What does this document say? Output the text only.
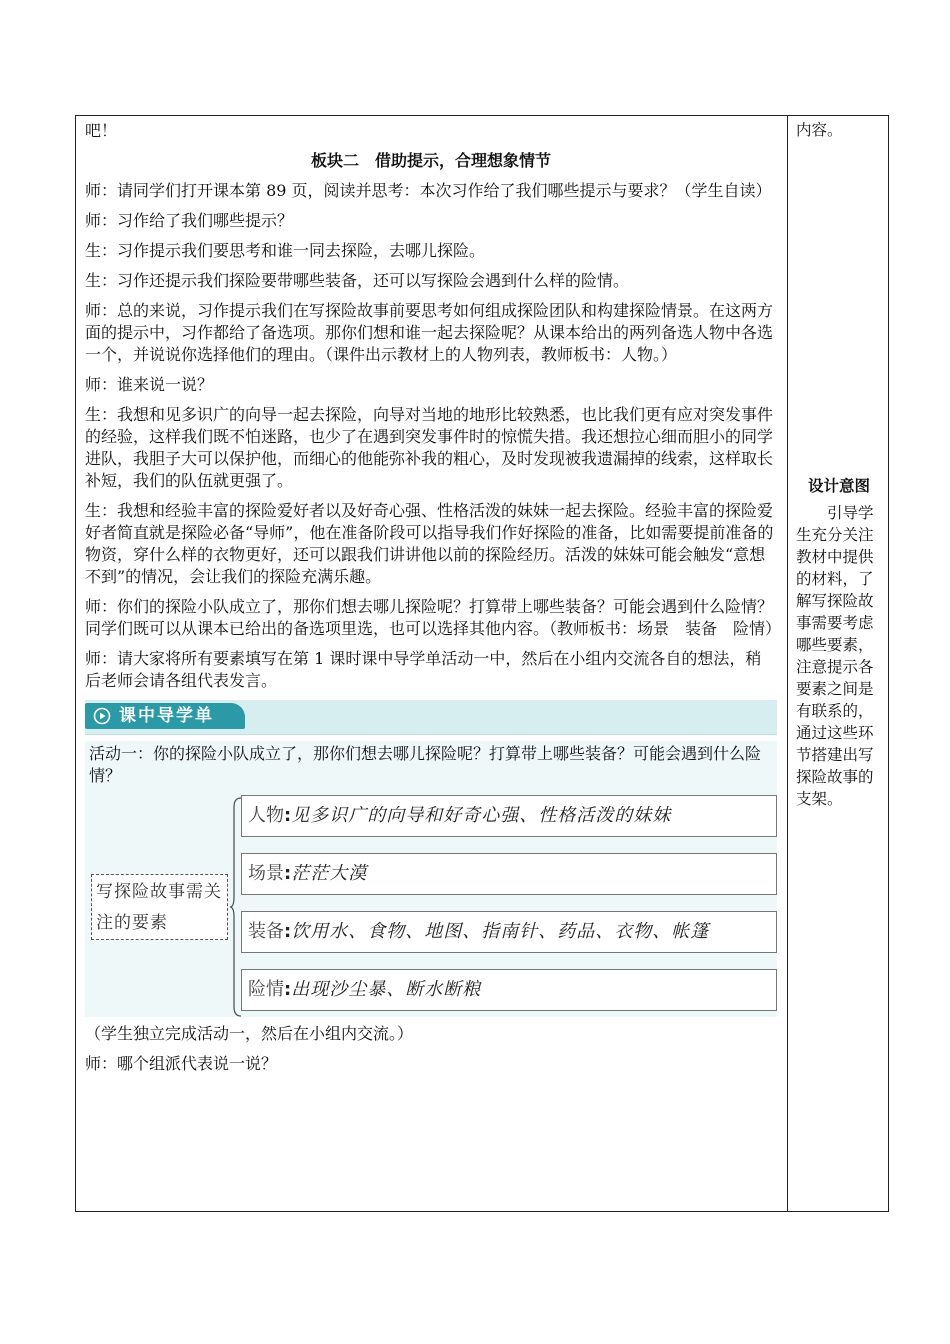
吧！
板块二　借助提示，合理想象情节
师：请同学们打开课本第 89 页，阅读并思考：本次习作给了我们哪些提示与要求？（学生自读）
师：习作给了我们哪些提示？
生：习作提示我们要思考和谁一同去探险，去哪儿探险。
生：习作还提示我们探险要带哪些装备，还可以写探险会遇到什么样的险情。
师：总的来说，习作提示我们在写探险故事前要思考如何组成探险团队和构建探险情景。在这两方面的提示中，习作都给了备选项。那你们想和谁一起去探险呢？从课本给出的两列备选人物中各选一个，并说说你选择他们的理由。（课件出示教材上的人物列表，教师板书：人物。）
师：谁来说一说？
生：我想和见多识广的向导一起去探险，向导对当地的地形比较熟悉，也比我们更有应对突发事件的经验，这样我们既不怕迷路，也少了在遇到突发事件时的惊慌失措。我还想拉心细而胆小的同学进队，我胆子大可以保护他，而细心的他能弥补我的粗心，及时发现被我遗漏掉的线索，这样取长补短，我们的队伍就更强了。
生：我想和经验丰富的探险爱好者以及好奇心强、性格活泼的妹妹一起去探险。经验丰富的探险爱好者简直就是探险必备“导师”，他在准备阶段可以指导我们作好探险的准备，比如需要提前准备的物资，穿什么样的衣物更好，还可以跟我们讲讲他以前的探险经历。活泼的妹妹可能会触发“意想不到”的情况，会让我们的探险充满乐趣。
师：你们的探险小队成立了，那你们想去哪儿探险呢？打算带上哪些装备？可能会遇到什么险情？同学们既可以从课本已给出的备选项里选，也可以选择其他内容。（教师板书：场景　装备　险情）
师：请大家将所有要素填写在第 1 课时课中导学单活动一中，然后在小组内交流各自的想法，稍后老师会请各组代表发言。
课中导学单
活动一：你的探险小队成立了，那你们想去哪儿探险呢？打算带上哪些装备？可能会遇到什么险情？
写探险故事需关注的要素
人物:见多识广的向导和好奇心强、性格活泼的妹妹
场景:茫茫大漠
装备:饮用水、食物、地图、指南针、药品、衣物、帐篷
险情:出现沙尘暴、断水断粮
（学生独立完成活动一，然后在小组内交流。）
师：哪个组派代表说一说？
内容。
设计意图
引导学生充分关注教材中提供的材料，了解写探险故事需要考虑哪些要素，注意提示各要素之间是有联系的，通过这些环节搭建出写探险故事的支架。
